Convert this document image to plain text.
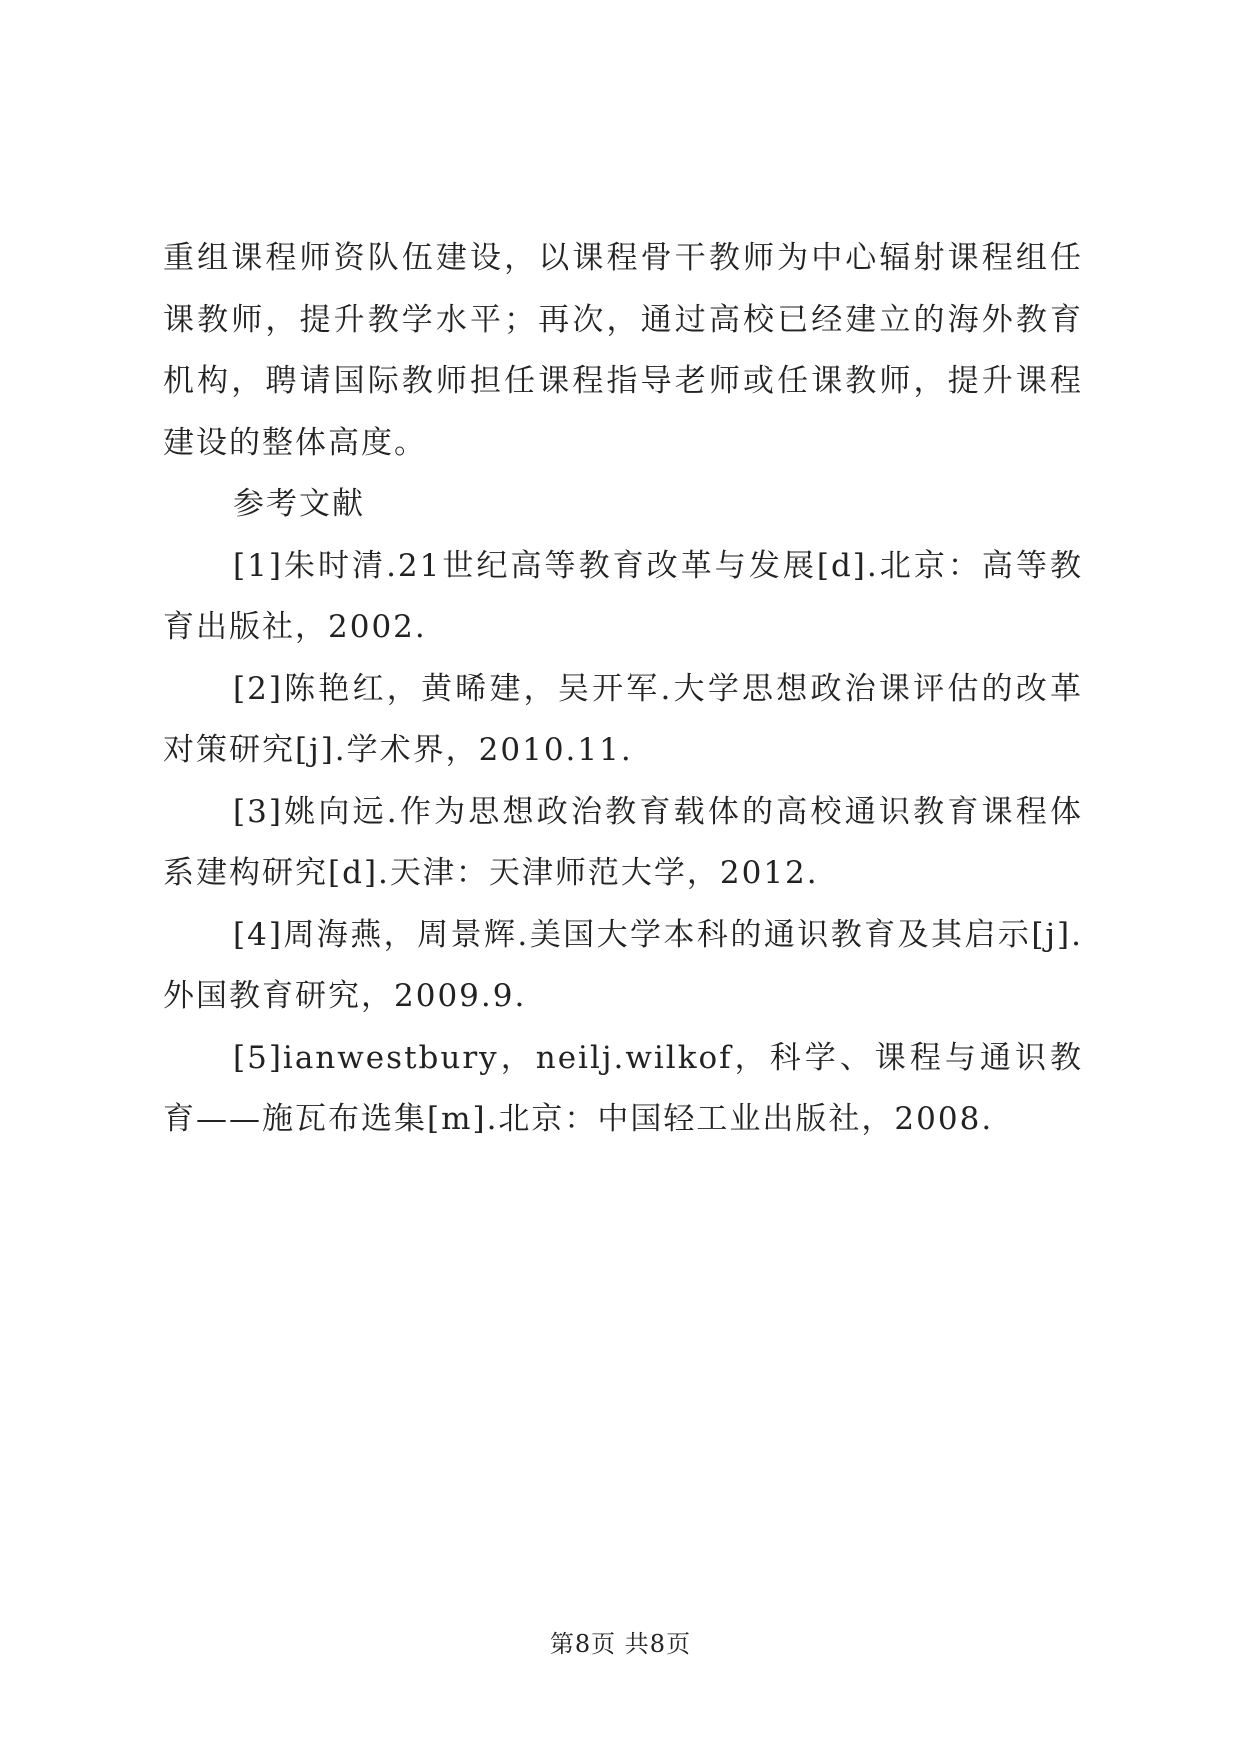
重组课程师资队伍建设，以课程骨干教师为中心辐射课程组任课教师，提升教学水平；再次，通过高校已经建立的海外教育机构，聘请国际教师担任课程指导老师或任课教师，提升课程建设的整体高度。

参考文献

[1]朱时清.21世纪高等教育改革与发展[d].北京：高等教育出版社，2002.

[2]陈艳红，黄晞建，吴开军.大学思想政治课评估的改革对策研究[j].学术界，2010.11.

[3]姚向远.作为思想政治教育载体的高校通识教育课程体系建构研究[d].天津：天津师范大学，2012.

[4]周海燕，周景辉.美国大学本科的通识教育及其启示[j].外国教育研究，2009.9.

[5]ianwestbury，neilj.wilkof，科学、课程与通识教育——施瓦布选集[m].北京：中国轻工业出版社，2008.

第8页 共8页
